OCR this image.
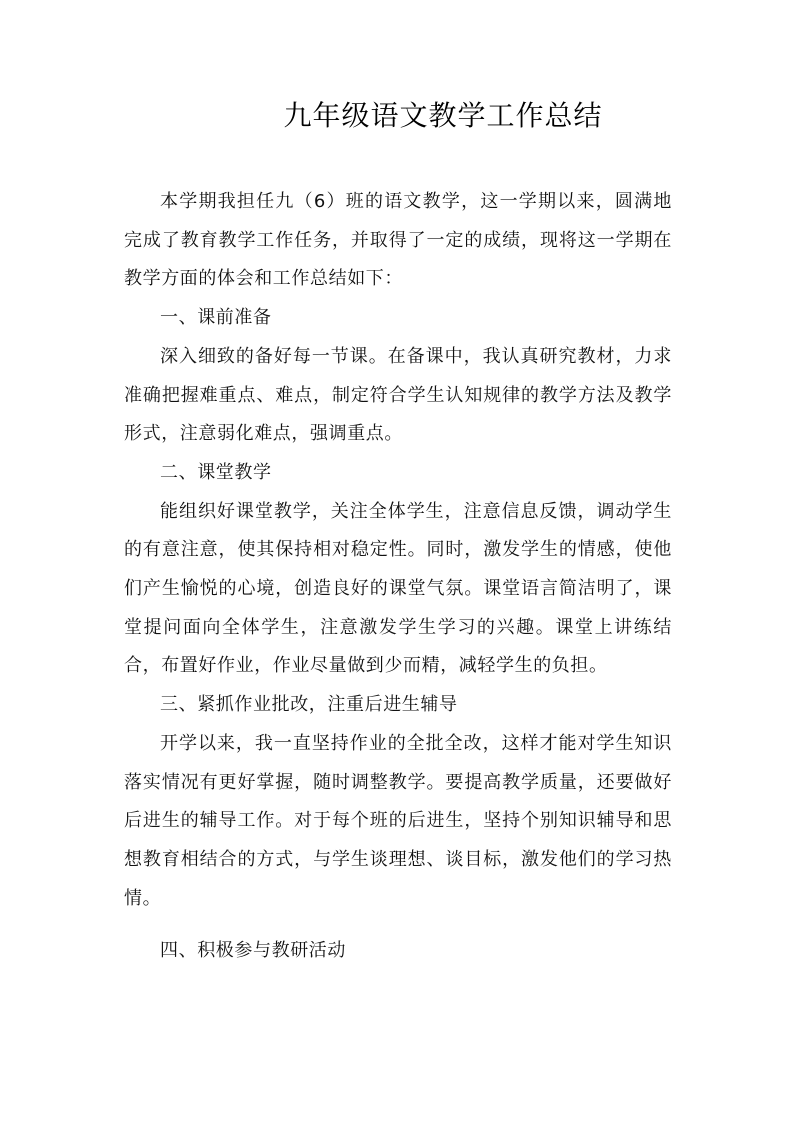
九年级语文教学工作总结

本学期我担任九（6）班的语文教学，这一学期以来，圆满地完成了教育教学工作任务，并取得了一定的成绩，现将这一学期在教学方面的体会和工作总结如下：

一、课前准备

深入细致的备好每一节课。在备课中，我认真研究教材，力求准确把握难重点、难点，制定符合学生认知规律的教学方法及教学形式，注意弱化难点，强调重点。

二、课堂教学

能组织好课堂教学，关注全体学生，注意信息反馈，调动学生的有意注意，使其保持相对稳定性。同时，激发学生的情感，使他们产生愉悦的心境，创造良好的课堂气氛。课堂语言简洁明了，课堂提问面向全体学生，注意激发学生学习的兴趣。课堂上讲练结合，布置好作业，作业尽量做到少而精，减轻学生的负担。

三、紧抓作业批改，注重后进生辅导

开学以来，我一直坚持作业的全批全改，这样才能对学生知识落实情况有更好掌握，随时调整教学。要提高教学质量，还要做好后进生的辅导工作。对于每个班的后进生，坚持个别知识辅导和思想教育相结合的方式，与学生谈理想、谈目标，激发他们的学习热情。

四、积极参与教研活动
